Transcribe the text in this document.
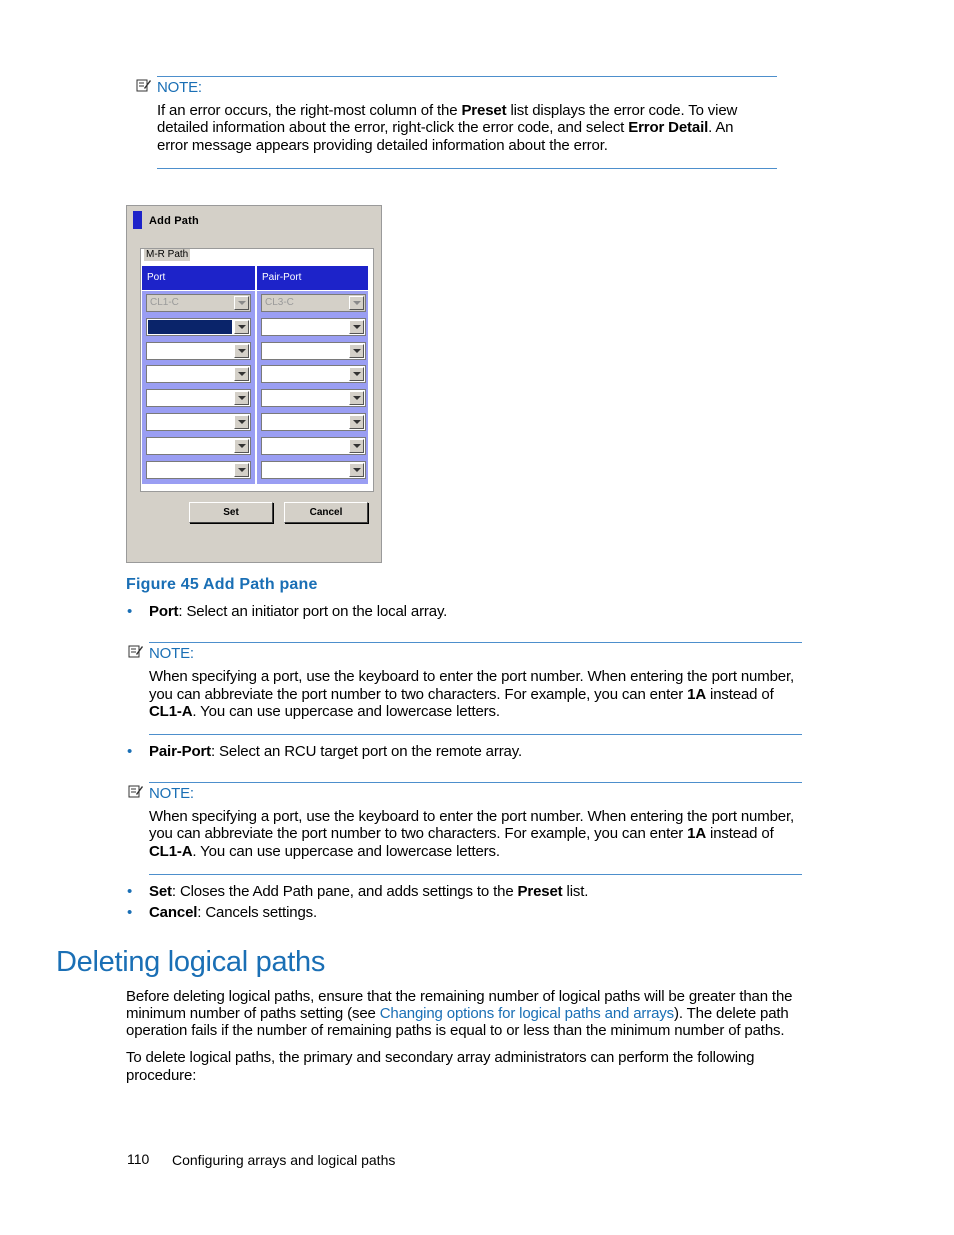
NOTE:
If an error occurs, the right-most column of the Preset list displays the error code. To view
detailed information about the error, right-click the error code, and select Error Detail. An
error message appears providing detailed information about the error.
Add Path
M-R Path
Port	Pair-Port
CL1-C	CL3-C
Set	Cancel
Figure 45 Add Path pane
• Port: Select an initiator port on the local array.
NOTE:
When specifying a port, use the keyboard to enter the port number. When entering the port number,
you can abbreviate the port number to two characters. For example, you can enter 1A instead of
CL1-A. You can use uppercase and lowercase letters.
• Pair-Port: Select an RCU target port on the remote array.
NOTE:
When specifying a port, use the keyboard to enter the port number. When entering the port number,
you can abbreviate the port number to two characters. For example, you can enter 1A instead of
CL1-A. You can use uppercase and lowercase letters.
• Set: Closes the Add Path pane, and adds settings to the Preset list.
• Cancel: Cancels settings.
Deleting logical paths
Before deleting logical paths, ensure that the remaining number of logical paths will be greater than the
minimum number of paths setting (see Changing options for logical paths and arrays). The delete path
operation fails if the number of remaining paths is equal to or less than the minimum number of paths.
To delete logical paths, the primary and secondary array administrators can perform the following
procedure:
110 Configuring arrays and logical paths
